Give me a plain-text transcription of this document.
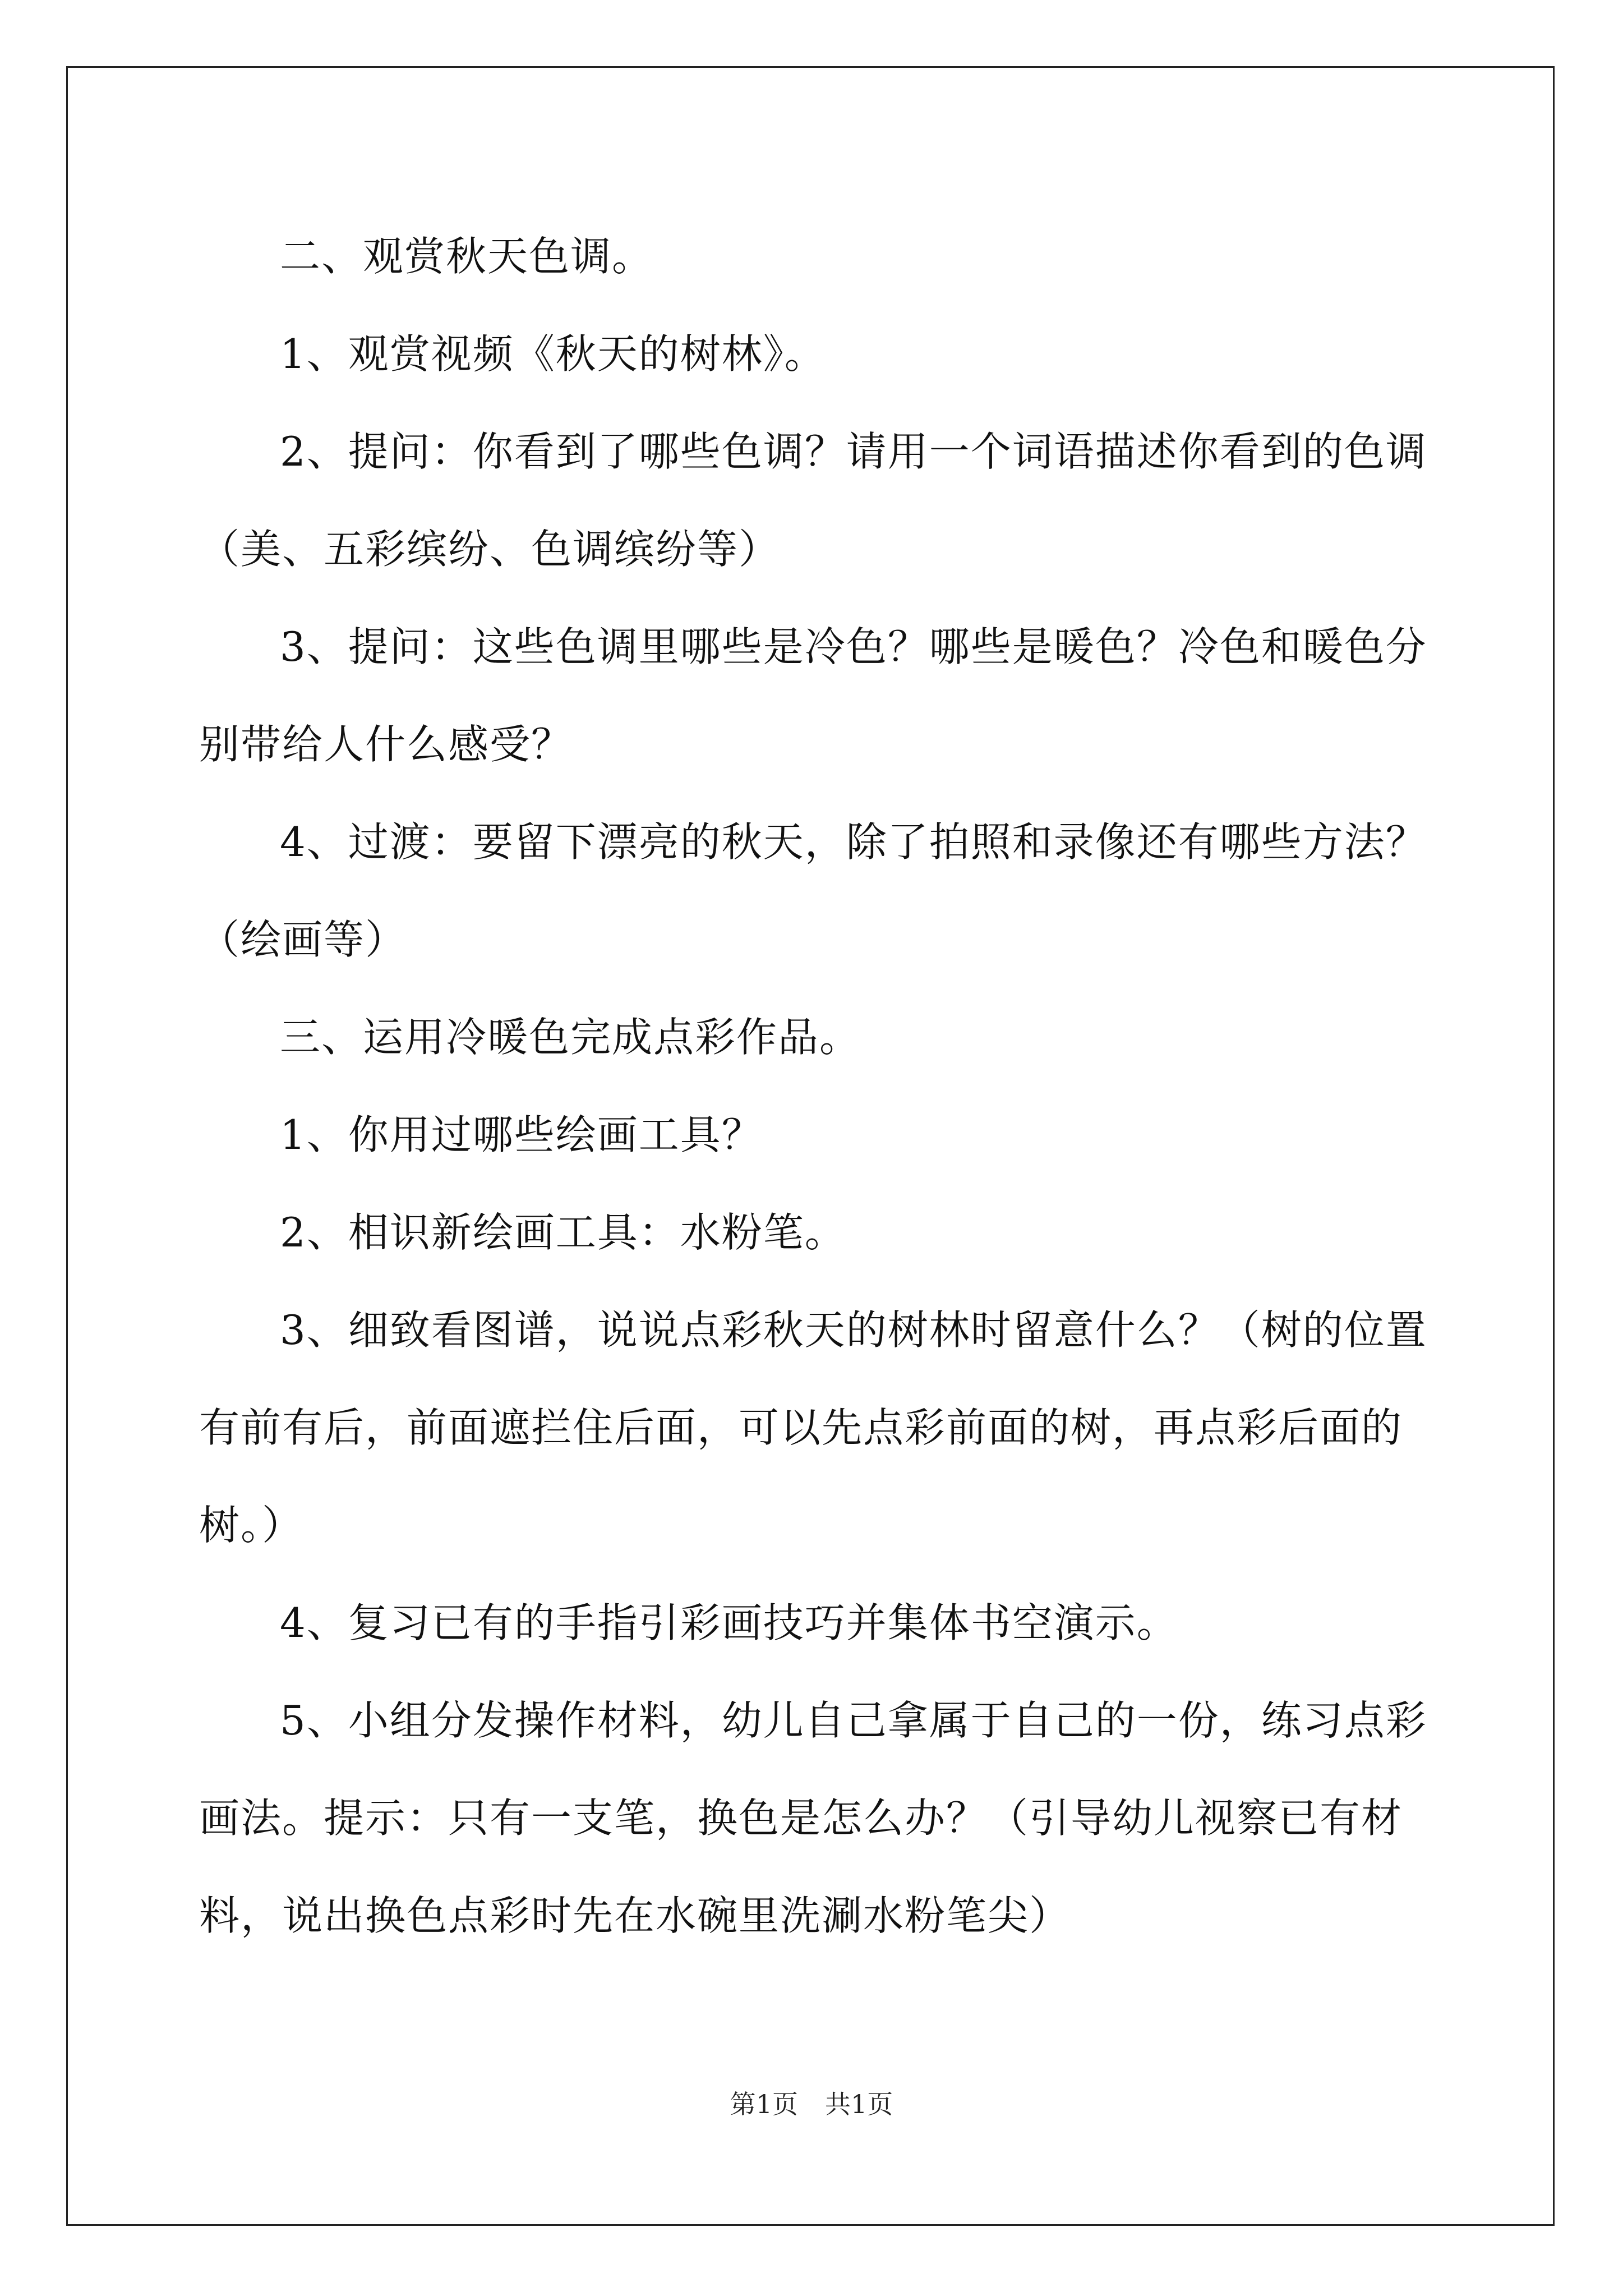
二、观赏秋天色调。

1、观赏视频《秋天的树林》。

2、提问：你看到了哪些色调？请用一个词语描述你看到的色调（美、五彩缤纷、色调缤纷等）

3、提问：这些色调里哪些是冷色？哪些是暖色？冷色和暖色分别带给人什么感受？

4、过渡：要留下漂亮的秋天，除了拍照和录像还有哪些方法？（绘画等）

三、运用冷暖色完成点彩作品。

1、你用过哪些绘画工具？

2、相识新绘画工具：水粉笔。

3、细致看图谱，说说点彩秋天的树林时留意什么？（树的位置有前有后，前面遮拦住后面，可以先点彩前面的树，再点彩后面的树。）

4、复习已有的手指引彩画技巧并集体书空演示。

5、小组分发操作材料，幼儿自己拿属于自己的一份，练习点彩画法。提示：只有一支笔，换色是怎么办？（引导幼儿视察已有材料，说出换色点彩时先在水碗里洗涮水粉笔尖）

第1页 共1页
